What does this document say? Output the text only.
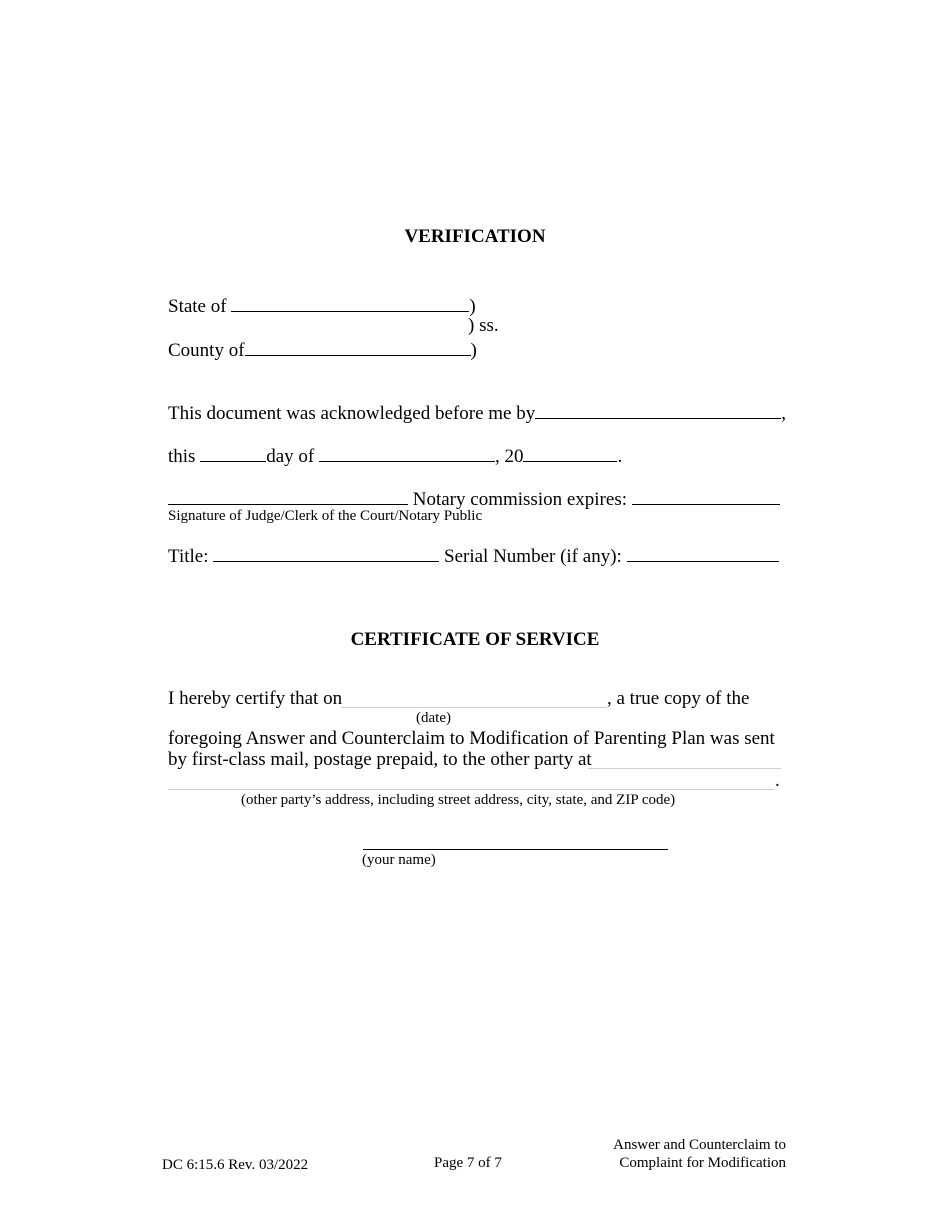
VERIFICATION
State of	)
) ss.
County of	)
This document was acknowledged before me by	,
this	day of	, 20	.
Notary commission expires:
Signature of Judge/Clerk of the Court/Notary Public
Title:	Serial Number (if any):
CERTIFICATE OF SERVICE
I hereby certify that on	, a true copy of the
(date)
foregoing Answer and Counterclaim to Modification of Parenting Plan was sent
by first-class mail, postage prepaid, to the other party at
.
(other party’s address, including street address, city, state, and ZIP code)
(your name)
DC 6:15.6 Rev. 03/2022	Page 7 of 7
Answer and Counterclaim to
Complaint for Modification
